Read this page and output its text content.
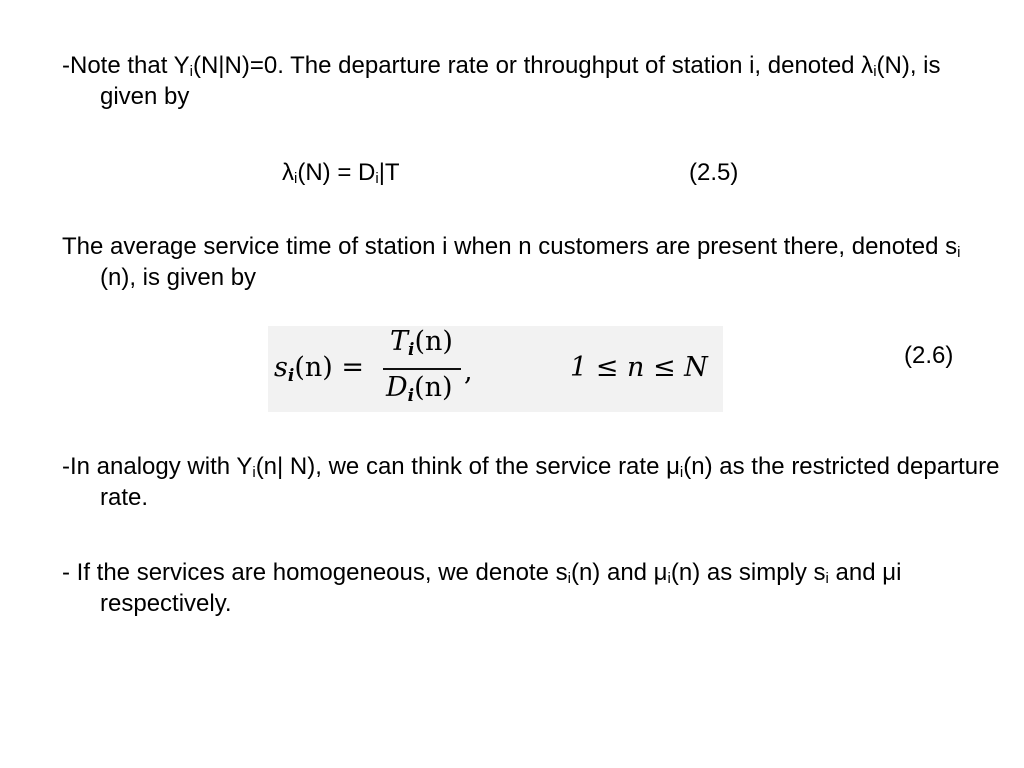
-Note that $Y_i(N|N)=0$. The departure rate or throughput of station i, denoted $\lambda_i(N)$, is given by
$\lambda_i(N) = D_i|T$	(2.5)
The average service time of station i when n customers are present there, denoted $s_i$ (n), is given by
$s_i(n)$ =
$T_i(n)$
$D_i(n)$
,	1 ≤ n ≤ N	(2.6)
-In analogy with $Y_i(n|$ N), we can think of the service rate $\mu_i(n)$ as the restricted departure rate.
- If the services are homogeneous, we denote $s_i(n)$ and $\mu_i(n)$ as simply $s_i$ and μi respectively.
